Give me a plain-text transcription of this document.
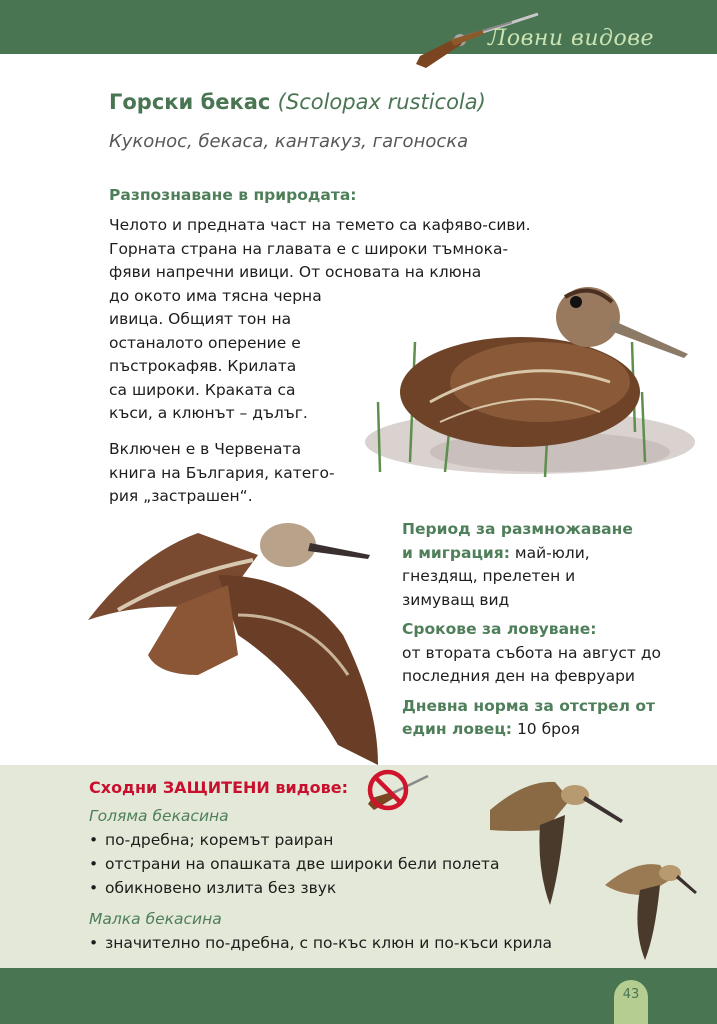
Ловни видове
Горски бекас (Scolopax rusticola)
Куконос, бекаса, кантакуз, гагоноска
Разпознаване в природата:
Челото и предната част на темето са кафяво-сиви.
Горната страна на главата е с широки тъмнока-
фяви напречни ивици. От основата на клюна
до окото има тясна черна
ивица. Общият тон на
останалото оперение е
пъстрокафяв. Крилата
са широки. Краката са
къси, а клюнът – дълъг.
Включен е в Червената
книга на България, катего-
рия „застрашен“.
Период за размножаване
и миграция: май-юли,
гнездящ, прелетен и
зимуващ вид
Срокове за ловуване:
от втората събота на август до
последния ден на февруари
Дневна норма за отстрел от
един ловец: 10 броя
Сходни ЗАЩИТЕНИ видове:
Голяма бекасина
• по-дребна; коремът раиран
• отстрани на опашката две широки бели полета
• обикновено излита без звук
Малка бекасина
• значително по-дребна, с по-къс клюн и по-къси крила
43
